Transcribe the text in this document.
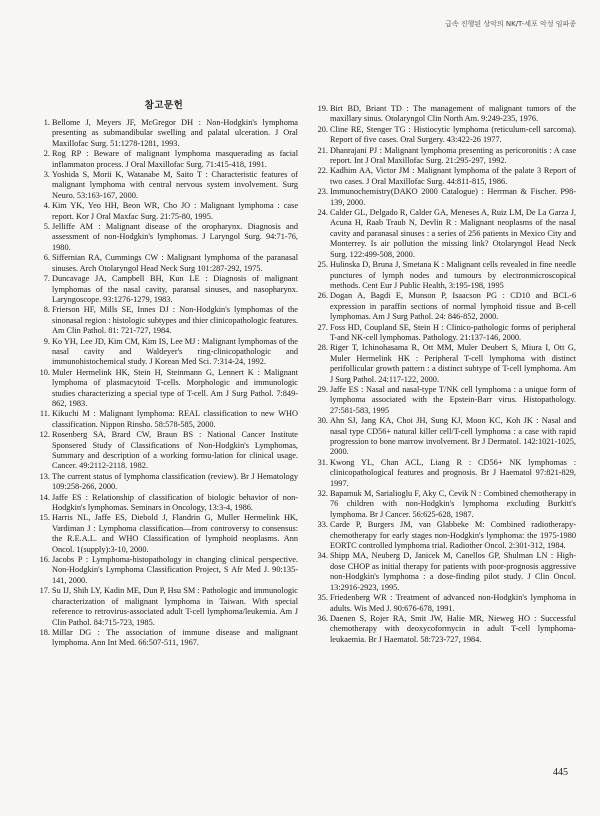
급속 진행된 상악의 NK/T-세포 악성 임파종
참고문헌
1. Bellome J, Meyers JF, McGregor DH : Non-Hodgkin's lymphoma presenting as submandibular swelling and palatal ulceration. J Oral Maxillofac Surg. 51:1278-1281, 1993.
2. Rog RP : Beware of malignant lymphoma masquerading as facial inflammaton process. J Oral Maxillofac Surg. 71:415-418, 1991.
3. Yoshida S, Morii K, Watanabe M, Saito T : Characteristic features of malignant lymphoma with central nervous system involvement. Surg Neuro. 53:163-167, 2000.
4. Kim YK, Yeo HH, Beon WR, Cho JO : Malignant lymphoma : case report. Kor J Oral Maxfac Surg. 21:75-80, 1995.
5. Jelliffe AM : Malignant disease of the oropharynx. Diagnosis and assessment of non-Hodgkin's lymphomas. J Laryngol Surg. 94:71-76, 1980.
6. Siffernian RA, Cummings CW : Malignant lymphoma of the paranasal sinuses. Arch Otolaryngol Head Neck Surg 101:287-292, 1975.
7. Duncavage JA, Campbell BH, Kun LE : Diagnosis of malignant lymphomas of the nasal cavity, paransal sinuses, and nasopharynx. Laryngoscope. 93:1276-1279, 1983.
8. Frierson HF, Mills SE, Innes DJ : Non-Hodgkin's lymphomas of the sinonasal region : histologic subtypes and thier clinicopathologic features. Am Clin Pathol. 81: 721-727, 1984.
9. Ko YH, Lee JD, Kim CM, Kim IS, Lee MJ : Malignant lymphomas of the nasal cavity and Waldeyer's ring-clinicopathologic and immunohistochemical study. J Korean Med Sci. 7:314-24, 1992.
10. Muler Hermelink HK, Stein H, Steinmann G, Lennert K : Malignant lymphoma of plasmacytoid T-cells. Morphologic and immunologic studies characterizing a special type of T-cell. Am J Surg Pathol. 7:849-862, 1983.
11. Kikuchi M : Malignant lymphoma: REAL classification to new WHO classification. Nippon Rinsho. 58:578-585, 2000.
12. Rosenberg SA, Brard CW, Braun BS : National Cancer Institute Sponsered Study of Classifications of Non-Hodgkin's Lymphomas, Summary and description of a working formu-lation for clinical usage. Cancer. 49:2112-2118. 1982.
13. The current status of lymphoma classification (review). Br J Hematology 109:258-266, 2000.
14. Jaffe ES : Relationship of classification of biologic behavior of non-Hodgkin's lymphomas. Seminars in Oncology, 13:3-4, 1986.
15. Harris NL, Jaffe ES, Diebold J, Flandrin G, Muller Hermelink HK, Vardiman J : Lymphoma classification—from controversy to consensus: the R.E.A.L. and WHO Classification of lymphoid neoplasms. Ann Oncol. 1(supply):3-10, 2000.
16. Jacobs P : Lymphoma-histopathology in changing clinical perspective. Non-Hodgkin's Lymphoma Classification Project, S Afr Med J. 90:135-141, 2000.
17. Su IJ, Shih LY, Kadin ME, Dun P, Hsu SM : Pathologic and immunologic characterization of malignant lymphoma in Taiwan. With special reference to retrovirus-associated adult T-cell lymphoma/leukemia. Am J Clin Pathol. 84:715-723, 1985.
18. Millar DG : The association of immune disease and malignant lymphoma. Ann Int Med. 66:507-511, 1967.
19. Birt BD, Briant TD : The management of malignant tumors of the maxillary sinus. Otolaryngol Clin North Am. 9:249-235, 1976.
20. Cline RE, Stenger TG : Histiocytic lymphoma (reticulum-cell sarcoma). Report of five cases. Oral Surgery. 43:422-26 1977.
21. Dhanrajani PJ : Malignant lymphoma presenting as pericoronitis : A case report. Int J Oral Maxillofac Surg. 21:295-297, 1992.
22. Kadhim AA, Victor JM : Malignant lymphoma of the palate 3 Report of two cases. J Oral Maxillofac Surg. 44:811-815, 1986.
23. Immunochemistry(DAKO 2000 Catalogue) : Herrman & Fischer. P98-139, 2000.
24. Calder GL, Delgado R, Calder GA, Meneses A, Ruiz LM, De La Garza J, Acuna H, Raab Traub N, Devlin R : Malignant neoplasms of the nasal cavity and paranasal sinuses : a series of 256 patients in Mexico City and Monterrey. Is air pollution the missing link? Otolaryngol Head Neck Surg. 122:499-508, 2000.
25. Hulinska D, Bruna J, Smetana K : Malignant cells revealed in fine needle punctures of lymph nodes and tumours by electronmicroscopical methods. Cent Eur J Public Health, 3:195-198, 1995
26. Dogan A, Bagdi E, Munson P, Isaacson PG : CD10 and BCL-6 expression in paraffin sections of normal lymphoid tissue and B-cell lymphomas. Am J Surg Pathol. 24: 846-852, 2000.
27. Foss HD, Coupland SE, Stein H : Clinico-pathologic forms of peripheral T-and NK-cell lymphomas. Pathology. 21:137-146, 2000.
28. Riger T, Ichinohasama R, Ott MM, Muler Deubert S, Miura I, Ott G, Muler Hermelink HK : Peripheral T-cell lymphoma with distinct perifollicular growth pattern : a distinct subtype of T-cell lymphoma. Am J Surg Pathol. 24:117-122, 2000.
29. Jaffe ES : Nasal and nasal-type T/NK cell lymphoma : a unique form of lymphoma associated with the Epstein-Barr virus. Histopathology. 27:581-583, 1995
30. Ahn SJ, Jang KA, Choi JH, Sung KJ, Moon KC, Koh JK : Nasal and nasal type CD56+ natural killer cell/T-cell lymphoma : a case with rapid progression to bone marrow involvement. Br J Dermatol. 142:1021-1025, 2000.
31. Kwong YL, Chan ACL, Liang R : CD56+ NK lymphomas : clinicopathological features and prognosis. Br J Haematol 97:821-829, 1997.
32. Bapamuk M, Sarialioglu F, Aky C, Cevik N : Combined chemotherapy in 76 children with non-Hodgkin's lymphoma excluding Burkitt's lymphoma. Br J Cancer. 56:625-628, 1987.
33. Carde P, Burgers JM, van Glabbeke M: Combined radiotherapy-chemotherapy for early stages non-Hodgkin's lymphoma: the 1975-1980 EORTC controlled lymphoma trial. Radiother Oncol. 2:301-312, 1984.
34. Shipp MA, Neuberg D, Janicek M, Canellos GP, Shulman LN : High-dose CHOP as initial therapy for patients with poor-prognosis aggressive non-Hodgkin's lymphoma : a dose-finding pilot study. J Clin Oncol. 13:2916-2923, 1995.
35. Friedenberg WR : Treatment of advanced non-Hodgkin's lymphoma in adults. Wis Med J. 90:676-678, 1991.
36. Daenen S, Rojer RA, Smit JW, Halie MR, Nieweg HO : Successful chemotherapy with deoxycoformycin in adult T-cell lymphoma-leukaemia. Br J Haematol. 58:723-727, 1984.
445
